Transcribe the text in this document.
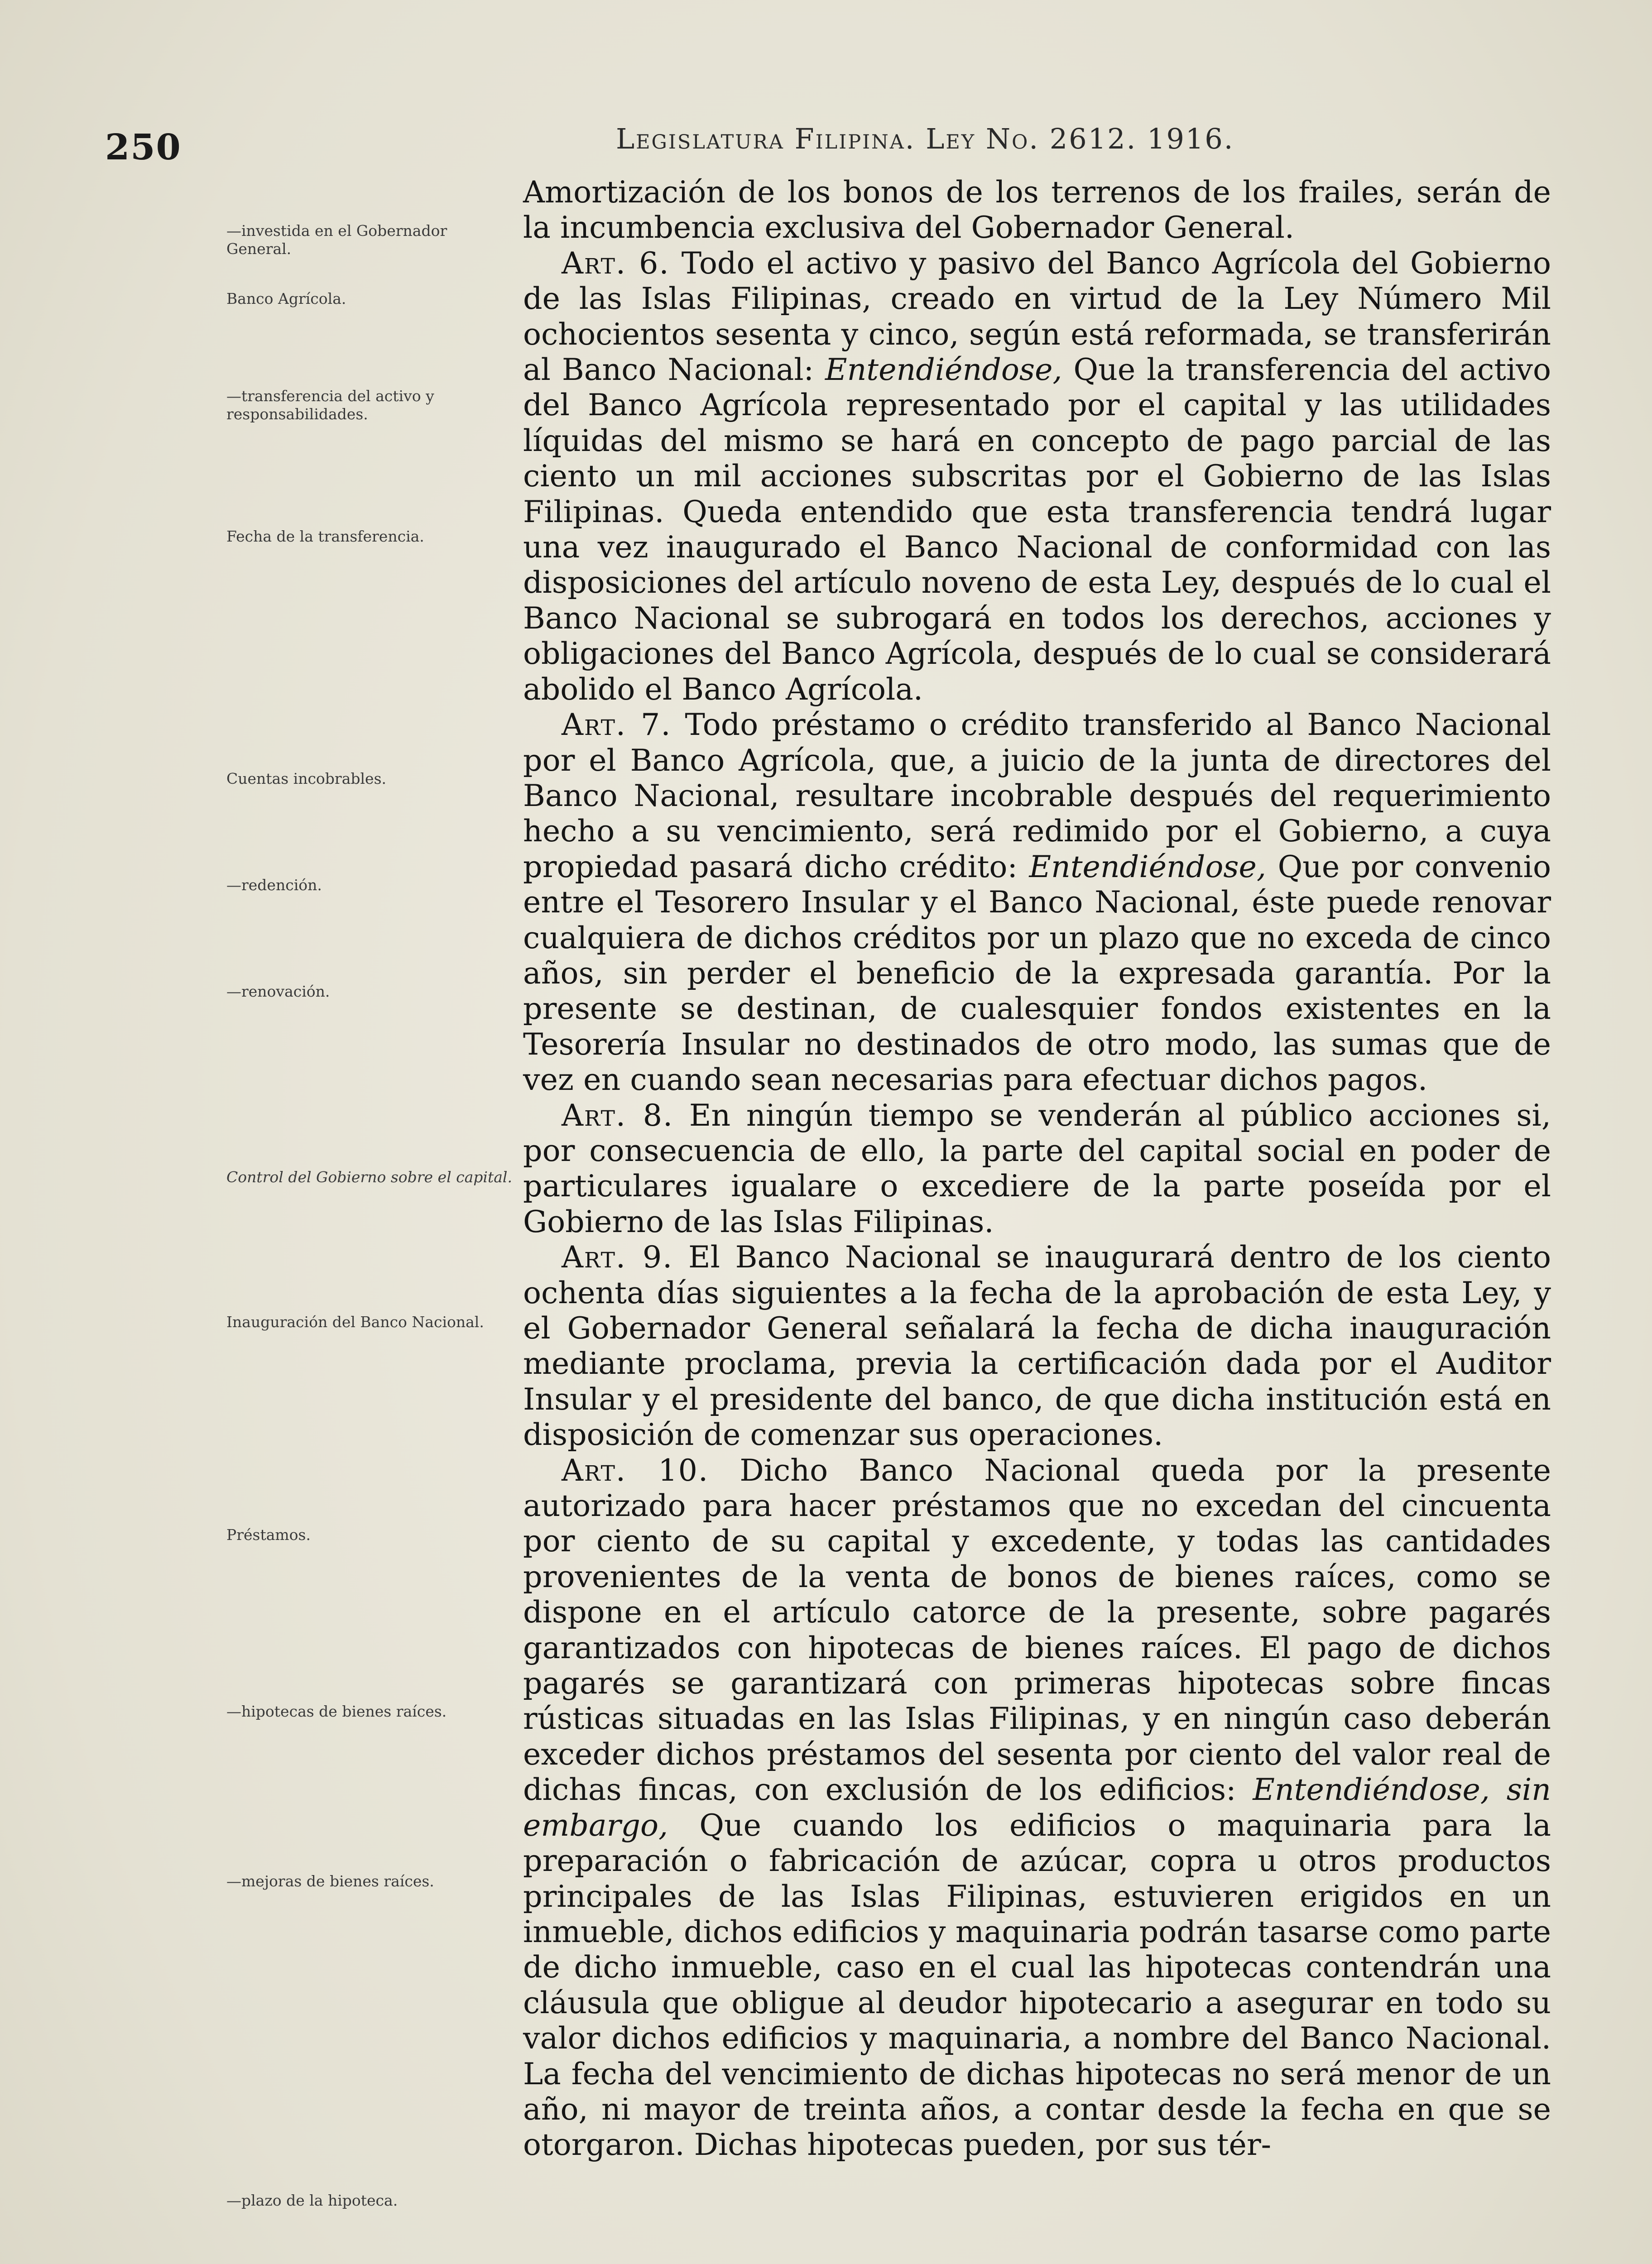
250	Legislatura Filipina. Ley No. 2612. 1916.
—investida en el Gobernador General.
Banco Agrícola.
—transferencia del activo y responsabilidades.
Fecha de la transferencia.
Cuentas incobrables.
—redención.
—renovación.
Control del Gobierno sobre el capital.
Inauguración del Banco Nacional.
Préstamos.
—hipotecas de bienes raíces.
—mejoras de bienes raíces.
—plazo de la hipoteca.

Amortización de los bonos de los terrenos de los frailes, serán de la incumbencia exclusiva del Gobernador General.

Art. 6. Todo el activo y pasivo del Banco Agrícola del Gobierno de las Islas Filipinas, creado en virtud de la Ley Número Mil ochocientos sesenta y cinco, según está reformada, se transferirán al Banco Nacional: Entendiéndose, Que la transferencia del activo del Banco Agrícola representado por el capital y las utilidades líquidas del mismo se hará en concepto de pago parcial de las ciento un mil acciones subscritas por el Gobierno de las Islas Filipinas. Queda entendido que esta transferencia tendrá lugar una vez inaugurado el Banco Nacional de conformidad con las disposiciones del artículo noveno de esta Ley, después de lo cual el Banco Nacional se subrogará en todos los derechos, acciones y obligaciones del Banco Agrícola, después de lo cual se considerará abolido el Banco Agrícola.

Art. 7. Todo préstamo o crédito transferido al Banco Nacional por el Banco Agrícola, que, a juicio de la junta de directores del Banco Nacional, resultare incobrable después del requerimiento hecho a su vencimiento, será redimido por el Gobierno, a cuya propiedad pasará dicho crédito: Entendiéndose, Que por convenio entre el Tesorero Insular y el Banco Nacional, éste puede renovar cualquiera de dichos créditos por un plazo que no exceda de cinco años, sin perder el beneficio de la expresada garantía. Por la presente se destinan, de cualesquier fondos existentes en la Tesorería Insular no destinados de otro modo, las sumas que de vez en cuando sean necesarias para efectuar dichos pagos.

Art. 8. En ningún tiempo se venderán al público acciones si, por consecuencia de ello, la parte del capital social en poder de particulares igualare o excediere de la parte poseída por el Gobierno de las Islas Filipinas.

Art. 9. El Banco Nacional se inaugurará dentro de los ciento ochenta días siguientes a la fecha de la aprobación de esta Ley, y el Gobernador General señalará la fecha de dicha inauguración mediante proclama, previa la certificación dada por el Auditor Insular y el presidente del banco, de que dicha institución está en disposición de comenzar sus operaciones.

Art. 10. Dicho Banco Nacional queda por la presente autorizado para hacer préstamos que no excedan del cincuenta por ciento de su capital y excedente, y todas las cantidades provenientes de la venta de bonos de bienes raíces, como se dispone en el artículo catorce de la presente, sobre pagarés garantizados con hipotecas de bienes raíces. El pago de dichos pagarés se garantizará con primeras hipotecas sobre fincas rústicas situadas en las Islas Filipinas, y en ningún caso deberán exceder dichos préstamos del sesenta por ciento del valor real de dichas fincas, con exclusión de los edificios: Entendiéndose, sin embargo, Que cuando los edificios o maquinaria para la preparación o fabricación de azúcar, copra u otros productos principales de las Islas Filipinas, estuvieren erigidos en un inmueble, dichos edificios y maquinaria podrán tasarse como parte de dicho inmueble, caso en el cual las hipotecas contendrán una cláusula que obligue al deudor hipotecario a asegurar en todo su valor dichos edificios y maquinaria, a nombre del Banco Nacional. La fecha del vencimiento de dichas hipotecas no será menor de un año, ni mayor de treinta años, a contar desde la fecha en que se otorgaron. Dichas hipotecas pueden, por sus tér-
